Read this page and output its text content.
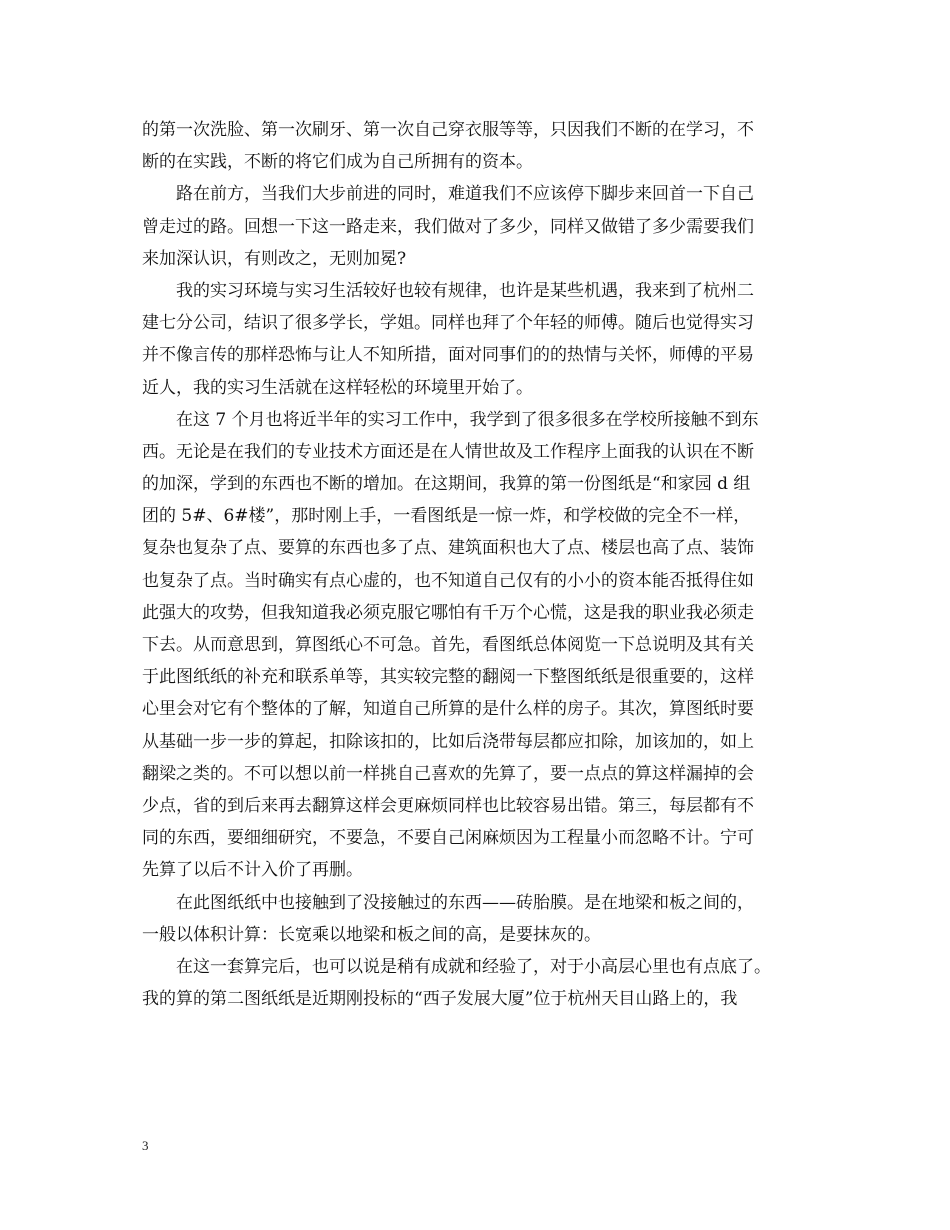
的第一次洗脸、第一次刷牙、第一次自己穿衣服等等，只因我们不断的在学习，不
断的在实践，不断的将它们成为自己所拥有的资本。
路在前方，当我们大步前进的同时，难道我们不应该停下脚步来回首一下自己
曾走过的路。回想一下这一路走来，我们做对了多少，同样又做错了多少需要我们
来加深认识，有则改之，无则加冕?
我的实习环境与实习生活较好也较有规律，也许是某些机遇，我来到了杭州二
建七分公司，结识了很多学长，学姐。同样也拜了个年轻的师傅。随后也觉得实习
并不像言传的那样恐怖与让人不知所措，面对同事们的的热情与关怀，师傅的平易
近人，我的实习生活就在这样轻松的环境里开始了。
在这 7 个月也将近半年的实习工作中，我学到了很多很多在学校所接触不到东
西。无论是在我们的专业技术方面还是在人情世故及工作程序上面我的认识在不断
的加深，学到的东西也不断的增加。在这期间，我算的第一份图纸是“和家园 d 组
团的 5#、6#楼”，那时刚上手，一看图纸是一惊一炸，和学校做的完全不一样，
复杂也复杂了点、要算的东西也多了点、建筑面积也大了点、楼层也高了点、装饰
也复杂了点。当时确实有点心虚的，也不知道自己仅有的小小的资本能否抵得住如
此强大的攻势，但我知道我必须克服它哪怕有千万个心慌，这是我的职业我必须走
下去。从而意思到，算图纸心不可急。首先，看图纸总体阅览一下总说明及其有关
于此图纸纸的补充和联系单等，其实较完整的翻阅一下整图纸纸是很重要的，这样
心里会对它有个整体的了解，知道自己所算的是什么样的房子。其次，算图纸时要
从基础一步一步的算起，扣除该扣的，比如后浇带每层都应扣除，加该加的，如上
翻梁之类的。不可以想以前一样挑自己喜欢的先算了，要一点点的算这样漏掉的会
少点，省的到后来再去翻算这样会更麻烦同样也比较容易出错。第三，每层都有不
同的东西，要细细研究，不要急，不要自己闲麻烦因为工程量小而忽略不计。宁可
先算了以后不计入价了再删。
在此图纸纸中也接触到了没接触过的东西——砖胎膜。是在地梁和板之间的，
一般以体积计算：长宽乘以地梁和板之间的高，是要抹灰的。
在这一套算完后，也可以说是稍有成就和经验了，对于小高层心里也有点底了。
我的算的第二图纸纸是近期刚投标的“西子发展大厦”位于杭州天目山路上的，我
3
